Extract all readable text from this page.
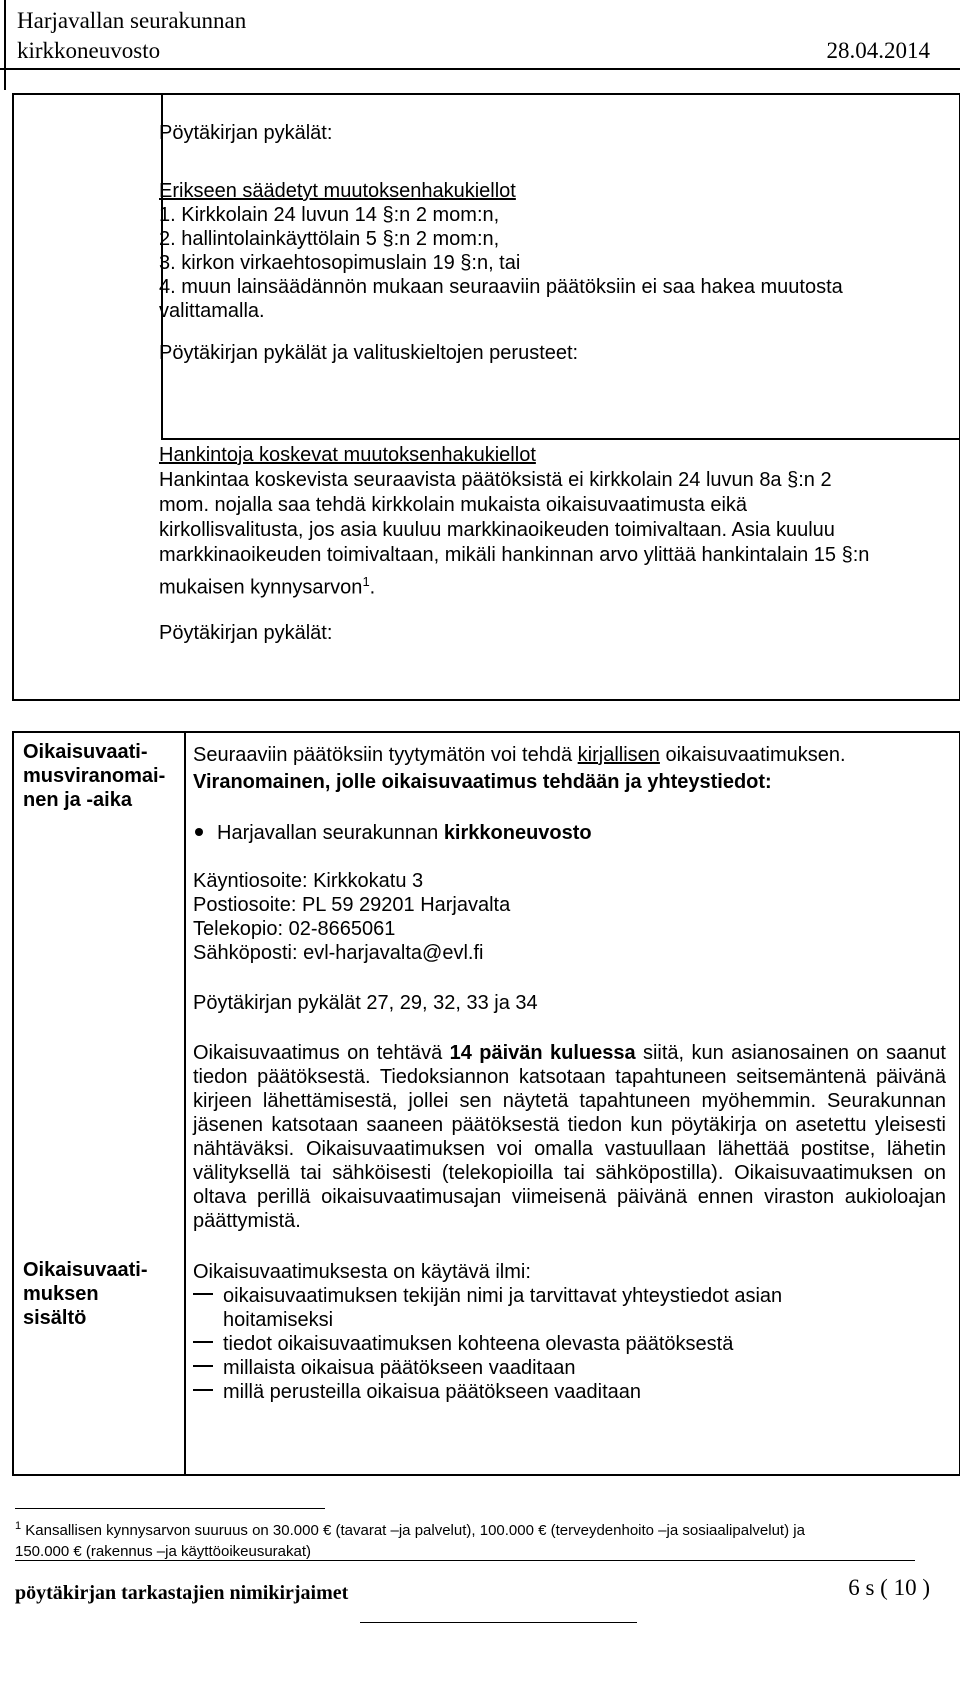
Harjavallan seurakunnan
kirkkoneuvosto	28.04.2014
Pöytäkirjan pykälät:
Erikseen säädetyt muutoksenhakukiellot
1. Kirkkolain 24 luvun 14 §:n 2 mom:n,
2. hallintolainkäyttölain 5 §:n 2 mom:n,
3. kirkon virkaehtosopimuslain 19 §:n, tai
4. muun lainsäädännön mukaan seuraaviin päätöksiin ei saa hakea muutosta
valittamalla.
Pöytäkirjan pykälät ja valituskieltojen perusteet:
Hankintoja koskevat muutoksenhakukiellot
Hankintaa koskevista seuraavista päätöksistä ei kirkkolain 24 luvun 8a §:n 2
mom. nojalla saa tehdä kirkkolain mukaista oikaisuvaatimusta eikä
kirkollisvalitusta, jos asia kuuluu markkinaoikeuden toimivaltaan. Asia kuuluu
markkinaoikeuden toimivaltaan, mikäli hankinnan arvo ylittää hankintalain 15 §:n
mukaisen kynnysarvon$^1$.
Pöytäkirjan pykälät:
Oikaisuvaati-
musviranomai-
nen ja -aika
Seuraaviin päätöksiin tyytymätön voi tehdä kirjallisen oikaisuvaatimuksen.
Viranomainen, jolle oikaisuvaatimus tehdään ja yhteystiedot:
Harjavallan seurakunnan kirkkoneuvosto
Käyntiosoite: Kirkkokatu 3
Postiosoite: PL 59 29201 Harjavalta
Telekopio: 02-8665061
Sähköposti: evl-harjavalta@evl.fi
Pöytäkirjan pykälät 27, 29, 32, 33 ja 34
Oikaisuvaatimus on tehtävä 14 päivän kuluessa siitä, kun asianosainen on saanut tiedon päätöksestä. Tiedoksiannon katsotaan tapahtuneen seitsemäntenä päivänä kirjeen lähettämisestä, jollei sen näytetä tapahtuneen myöhemmin. Seurakunnan jäsenen katsotaan saaneen päätöksestä tiedon kun pöytäkirja on asetettu yleisesti nähtäväksi. Oikaisuvaatimuksen voi omalla vastuullaan lähettää postitse, lähetin välityksellä tai sähköisesti (telekopioilla tai sähköpostilla). Oikaisuvaatimuksen on oltava perillä oikaisuvaatimusajan viimeisenä päivänä ennen viraston aukioloajan päättymistä.
Oikaisuvaati-
muksen
sisältö
Oikaisuvaatimuksesta on käytävä ilmi:
oikaisuvaatimuksen tekijän nimi ja tarvittavat yhteystiedot asian
hoitamiseksi
tiedot oikaisuvaatimuksen kohteena olevasta päätöksestä
millaista oikaisua päätökseen vaaditaan
millä perusteilla oikaisua päätökseen vaaditaan
$^1$ Kansallisen kynnysarvon suuruus on 30.000 € (tavarat –ja palvelut), 100.000 € (terveydenhoito –ja sosiaalipalvelut) ja
150.000 € (rakennus –ja käyttöoikeusurakat)
pöytäkirjan tarkastajien nimikirjaimet	6 s ( 10 )
